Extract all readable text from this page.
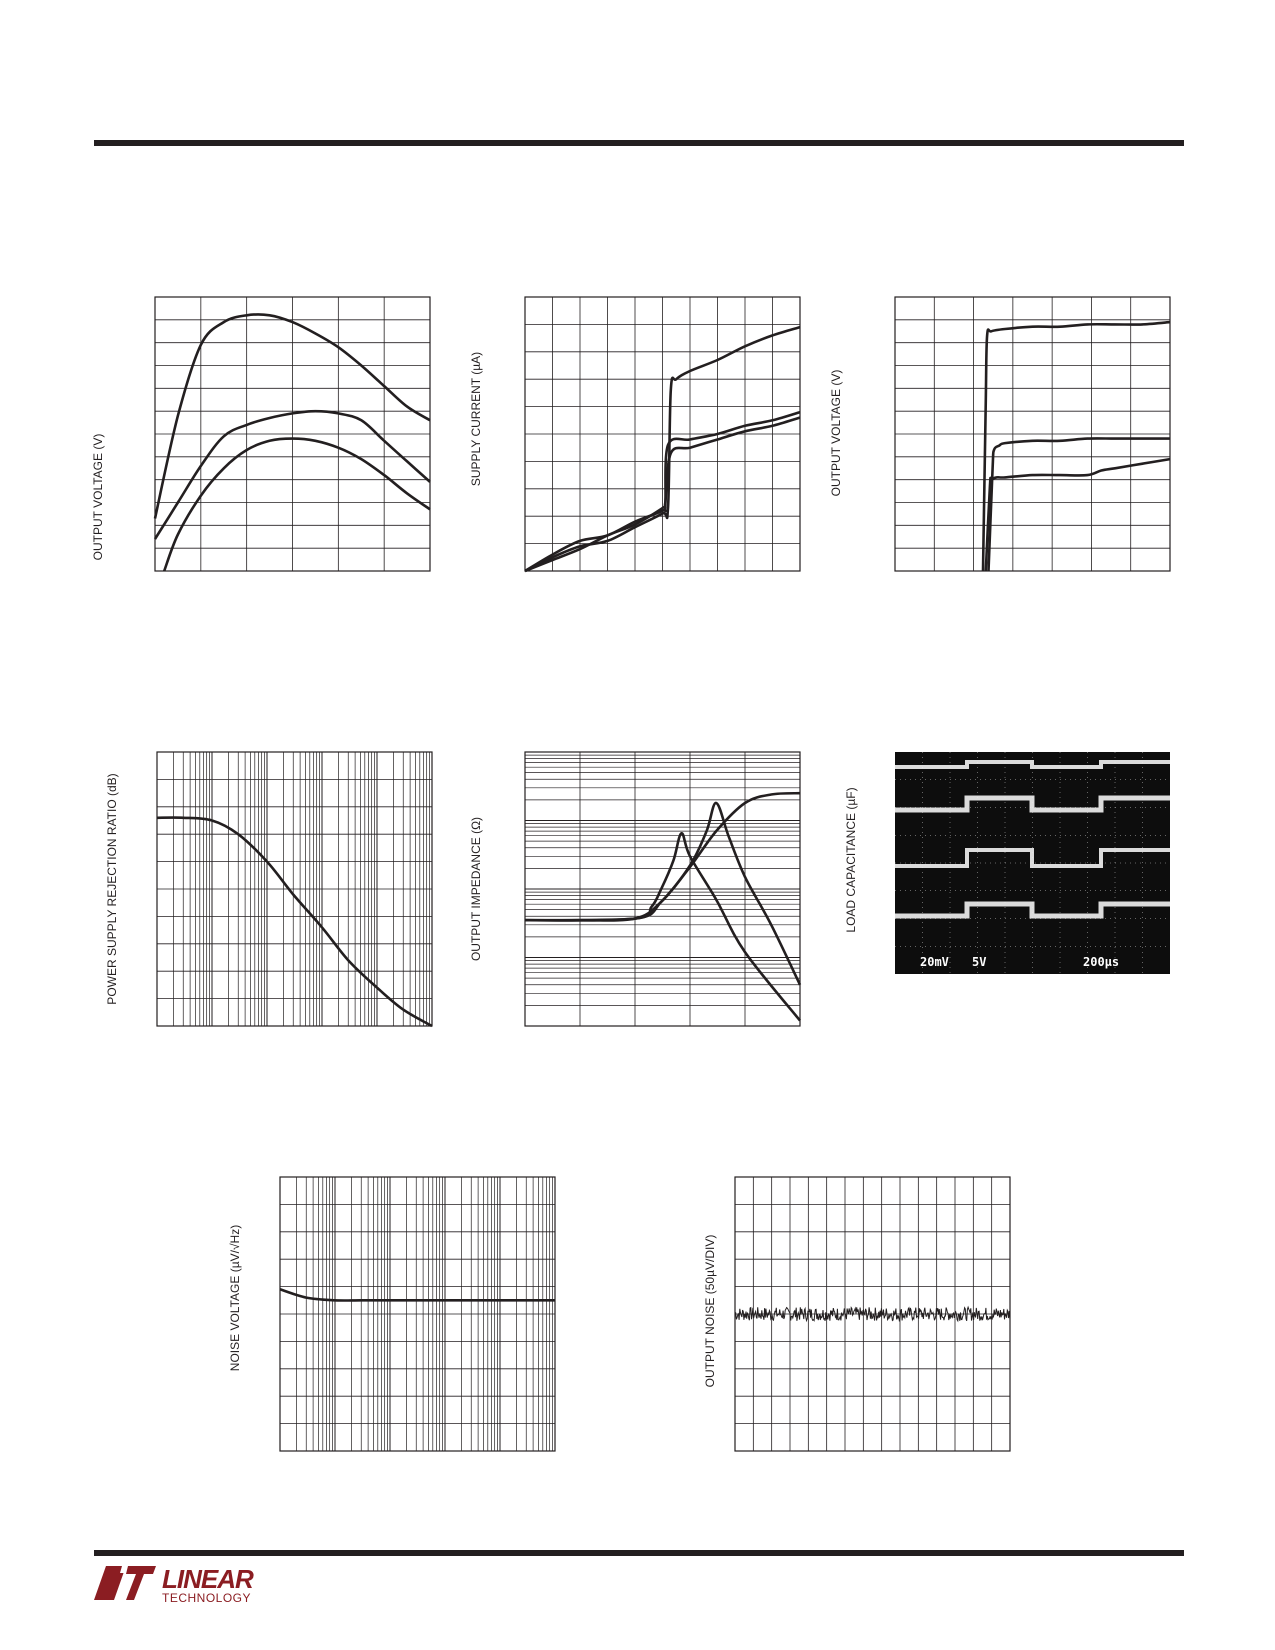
OUTPUT VOLTAGE (V)
SUPPLY CURRENT (µA)	OUTPUT VOLTAGE (V)
POWER SUPPLY REJECTION RATIO (dB)	OUTPUT IMPEDANCE (Ω)	LOAD CAPACITANCE (µF)
20mV 5V	200µs
NOISE VOLTAGE (µV/√Hz)	OUTPUT NOISE (50µV/DIV)
LINEAR
TECHNOLOGY
